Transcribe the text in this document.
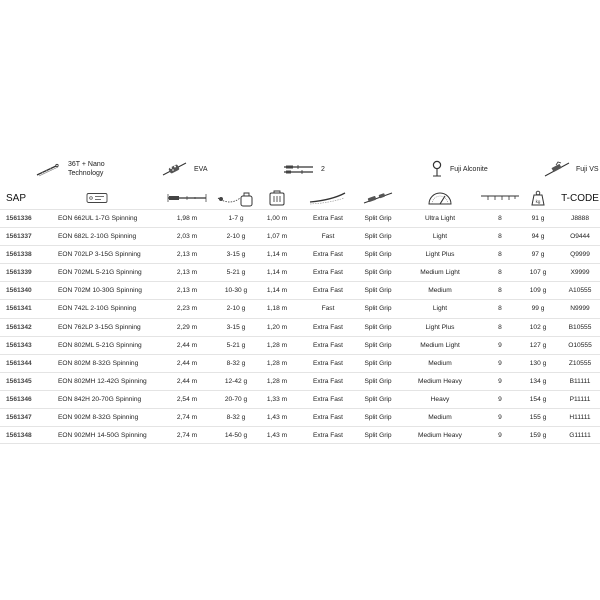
36T + Nano
Technology
EVA	2	Fuji Alconite	Fuji VS
SAP	kg T-CODE
1561336	EON 662UL 1-7G Spinning	1,98 m	1-7 g	1,00 m	Extra Fast	Split Grip	Ultra Light	8	91 g	J8888
1561337	EON 682L 2-10G Spinning	2,03 m	2-10 g	1,07 m	Fast	Split Grip	Light	8	94 g	O9444
1561338	EON 702LP 3-15G Spinning	2,13 m	3-15 g	1,14 m	Extra Fast	Split Grip	Light Plus	8	97 g	Q9999
1561339	EON 702ML 5-21G Spinning	2,13 m	5-21 g	1,14 m	Extra Fast	Split Grip	Medium Light	8	107 g	X9999
1561340	EON 702M 10-30G Spinning	2,13 m	10-30 g	1,14 m	Extra Fast	Split Grip	Medium	8	109 g	A10555
1561341	EON 742L 2-10G Spinning	2,23 m	2-10 g	1,18 m	Fast	Split Grip	Light	8	99 g	N9999
1561342	EON 762LP 3-15G Spinning	2,29 m	3-15 g	1,20 m	Extra Fast	Split Grip	Light Plus	8	102 g	B10555
1561343	EON 802ML 5-21G Spinning	2,44 m	5-21 g	1,28 m	Extra Fast	Split Grip	Medium Light	9	127 g	O10555
1561344	EON 802M 8-32G Spinning	2,44 m	8-32 g	1,28 m	Extra Fast	Split Grip	Medium	9	130 g	Z10555
1561345	EON 802MH 12-42G Spinning	2,44 m	12-42 g	1,28 m	Extra Fast	Split Grip	Medium Heavy	9	134 g	B11111
1561346	EON 842H 20-70G Spinning	2,54 m	20-70 g	1,33 m	Extra Fast	Split Grip	Heavy	9	154 g	P11111
1561347	EON 902M 8-32G Spinning	2,74 m	8-32 g	1,43 m	Extra Fast	Split Grip	Medium	9	155 g	H11111
1561348	EON 902MH 14-50G Spinning	2,74 m	14-50 g	1,43 m	Extra Fast	Split Grip	Medium Heavy	9	159 g	G11111
